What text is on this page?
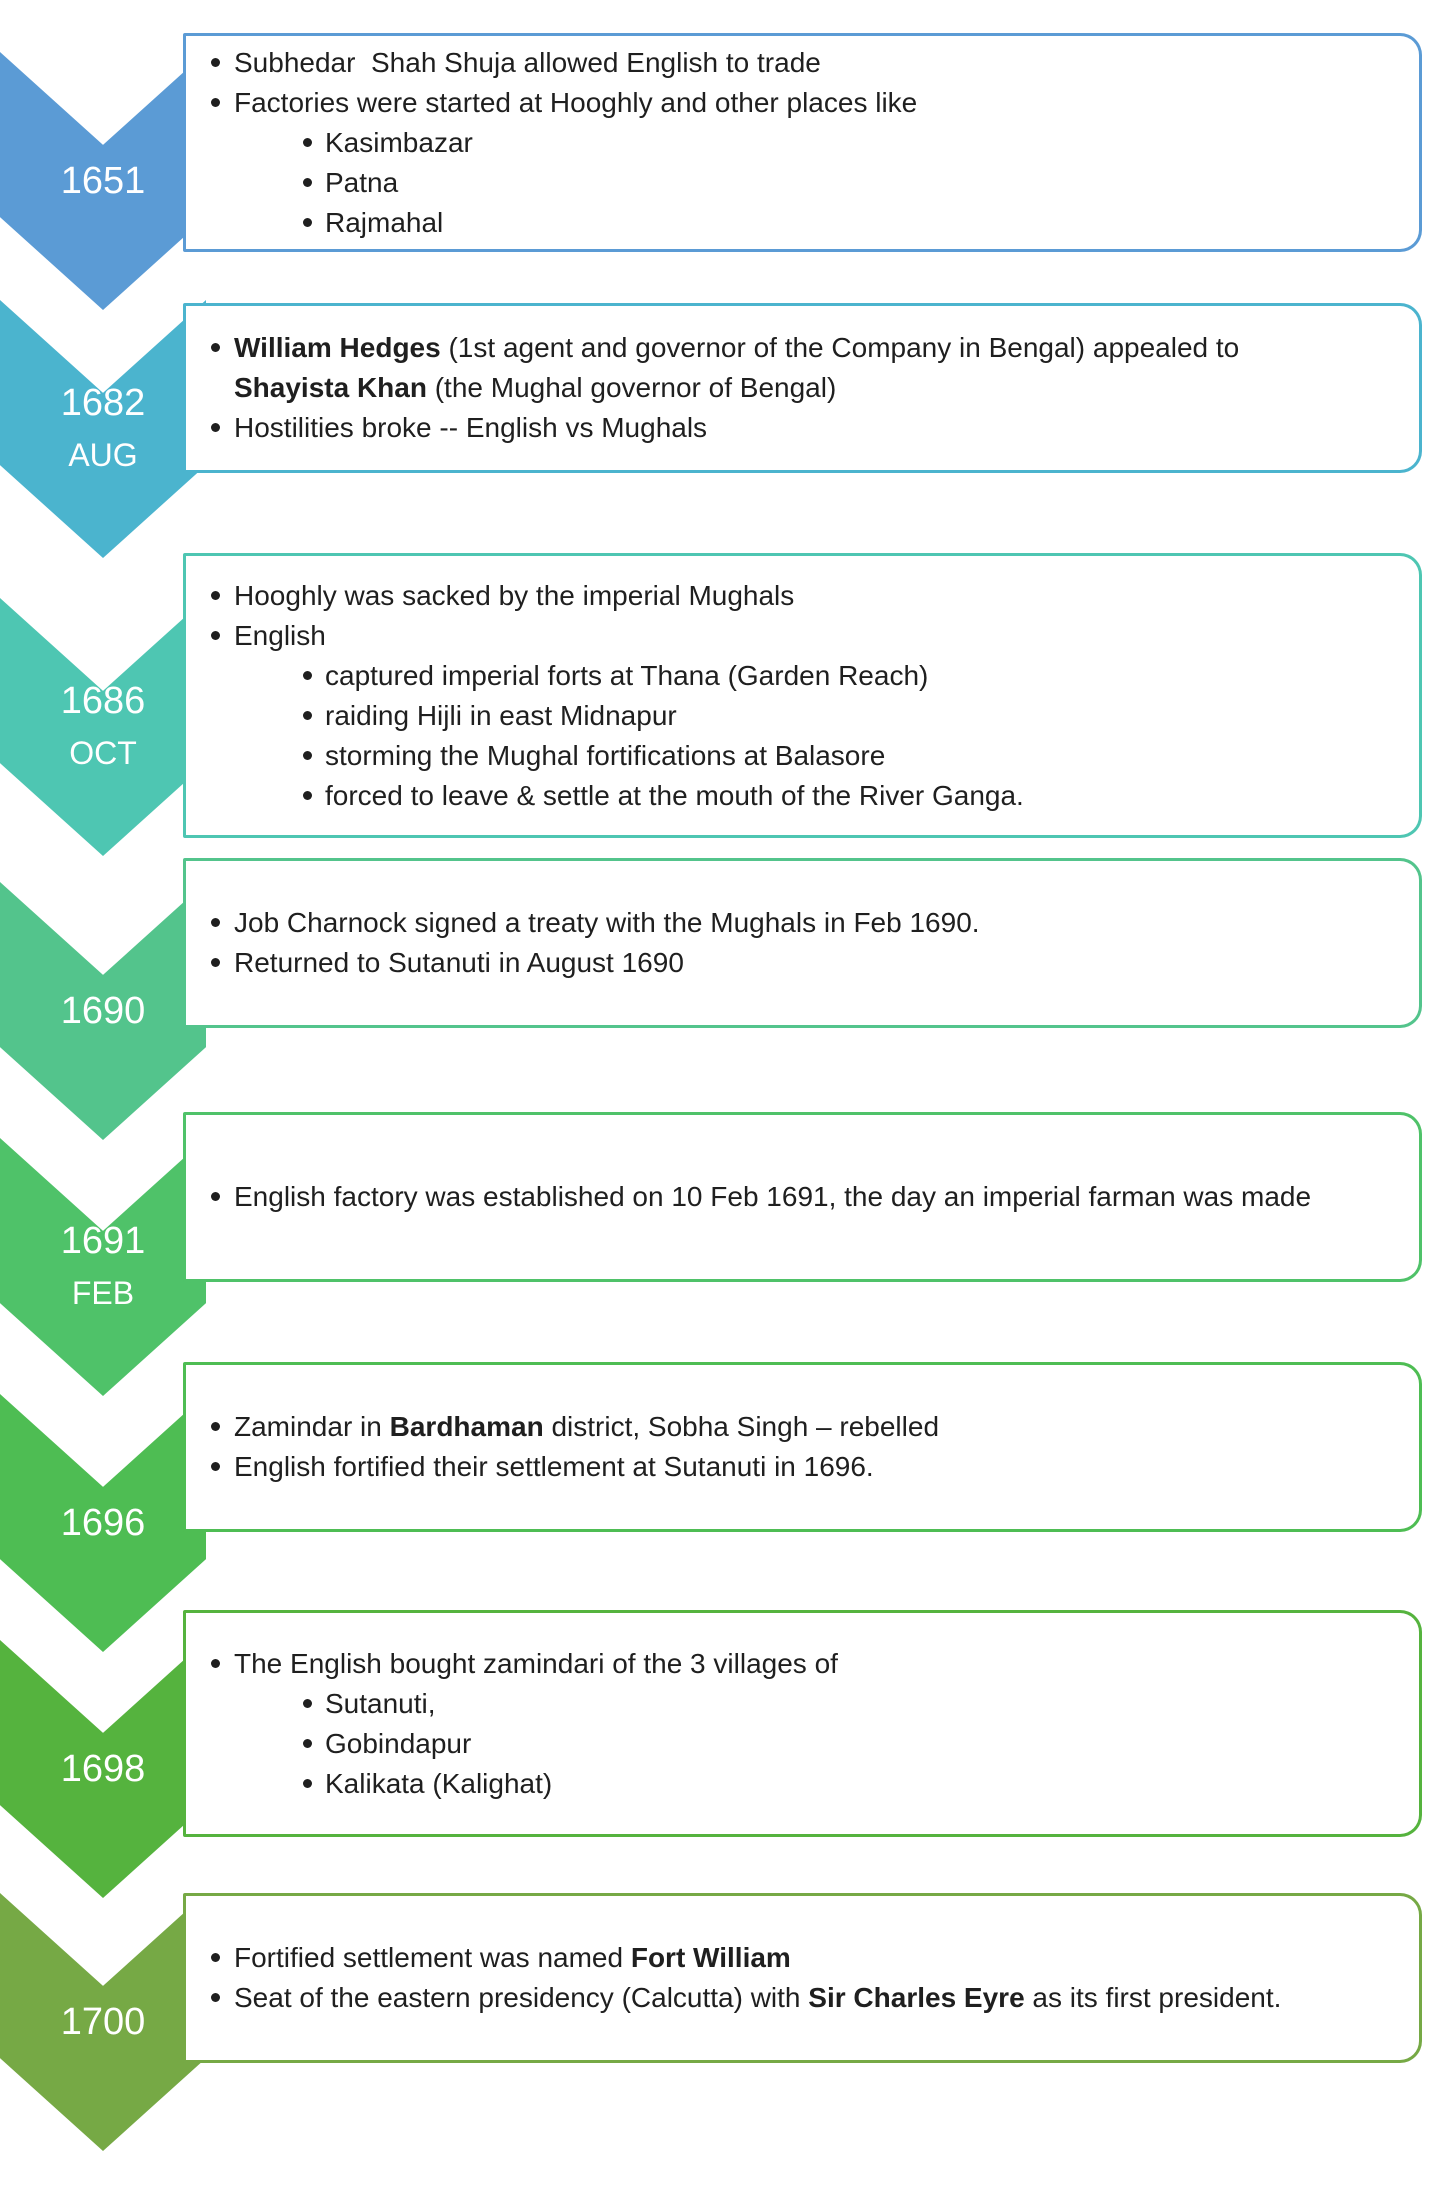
1651
Subhedar  Shah Shuja allowed English to trade
Factories were started at Hooghly and other places like
Kasimbazar
Patna
Rajmahal
1682
AUG
William Hedges (1st agent and governor of the Company in Bengal) appealed to
Shayista Khan (the Mughal governor of Bengal)
Hostilities broke -- English vs Mughals
1686
OCT
Hooghly was sacked by the imperial Mughals
English
captured imperial forts at Thana (Garden Reach)
raiding Hijli in east Midnapur
storming the Mughal fortifications at Balasore
forced to leave & settle at the mouth of the River Ganga.
1690
Job Charnock signed a treaty with the Mughals in Feb 1690.
Returned to Sutanuti in August 1690
1691
FEB
English factory was established on 10 Feb 1691, the day an imperial farman was made
1696
Zamindar in Bardhaman district, Sobha Singh – rebelled
English fortified their settlement at Sutanuti in 1696.
1698
The English bought zamindari of the 3 villages of
Sutanuti,
Gobindapur
Kalikata (Kalighat)
1700
Fortified settlement was named Fort William
Seat of the eastern presidency (Calcutta) with Sir Charles Eyre as its first president.
